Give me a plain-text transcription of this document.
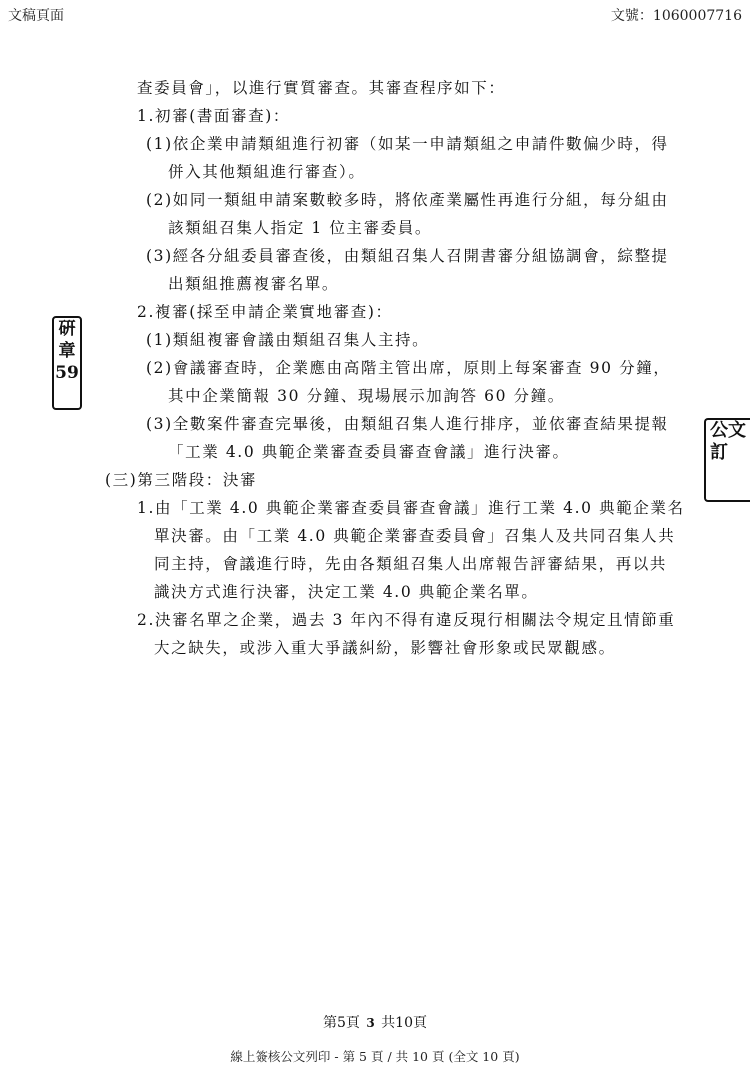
文稿頁面	文號：1060007716
查委員會」，以進行實質審查。其審查程序如下：
1.初審(書面審查)：
(1)依企業申請類組進行初審（如某一申請類組之申請件數偏少時，得
併入其他類組進行審查）。
(2)如同一類組申請案數較多時，將依產業屬性再進行分組，每分組由
該類組召集人指定 1 位主審委員。
(3)經各分組委員審查後，由類組召集人召開書審分組協調會，綜整提
出類組推薦複審名單。
2.複審(採至申請企業實地審查)：
(1)類組複審會議由類組召集人主持。
(2)會議審查時，企業應由高階主管出席，原則上每案審查 90 分鐘，
其中企業簡報 30 分鐘、現場展示加詢答 60 分鐘。
(3)全數案件審查完畢後，由類組召集人進行排序，並依審查結果提報
「工業 4.0 典範企業審查委員審查會議」進行決審。
(三)第三階段：決審
1.由「工業 4.0 典範企業審查委員審查會議」進行工業 4.0 典範企業名
單決審。由「工業 4.0 典範企業審查委員會」召集人及共同召集人共
同主持，會議進行時，先由各類組召集人出席報告評審結果，再以共
識決方式進行決審，決定工業 4.0 典範企業名單。
2.決審名單之企業，過去 3 年內不得有違反現行相關法令規定且情節重
大之缺失，或涉入重大爭議糾紛，影響社會形象或民眾觀感。
硏
章
59
公文
訂
第5頁 3 共10頁
線上簽核公文列印 - 第 5 頁 / 共 10 頁 (全文 10 頁)
